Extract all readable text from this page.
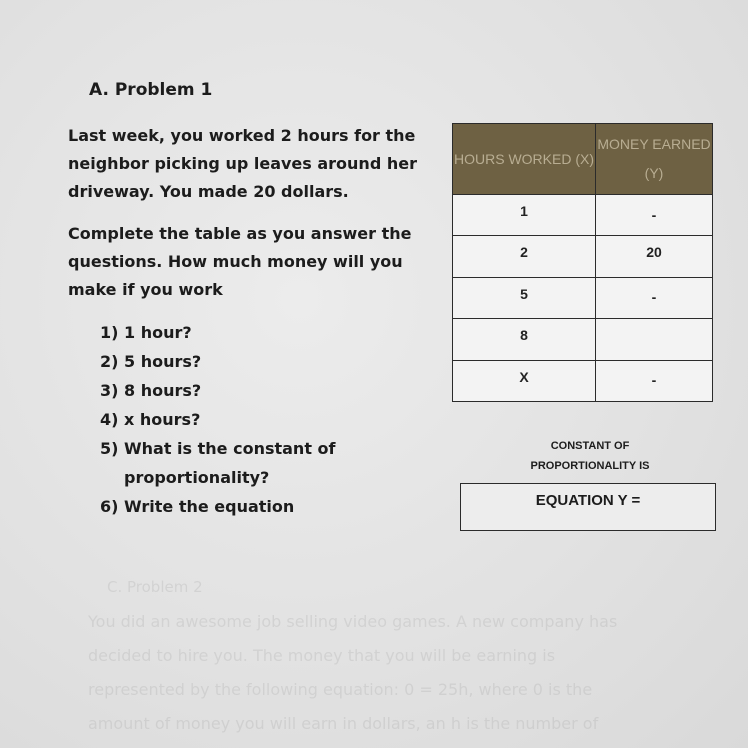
A. Problem 1

Last week, you worked 2 hours for the neighbor picking up leaves around her driveway. You made 20 dollars.

Complete the table as you answer the questions. How much money will you make if you work

1) 1 hour?
2) 5 hours?
3) 8 hours?
4) x hours?
5) What is the constant of
proportionality?
6) Write the equation
HOURS WORKED (X)	MONEY EARNED (Y)
1	-
2	20
5	-
8	
X	-
CONSTANT OF PROPORTIONALITY IS
EQUATION Y =
C. Problem 2
You did an awesome job selling video games. A new company has
decided to hire you. The money that you will be earning is
represented by the following equation: 0 = 25h, where 0 is the
amount of money you will earn in dollars, an h is the number of
